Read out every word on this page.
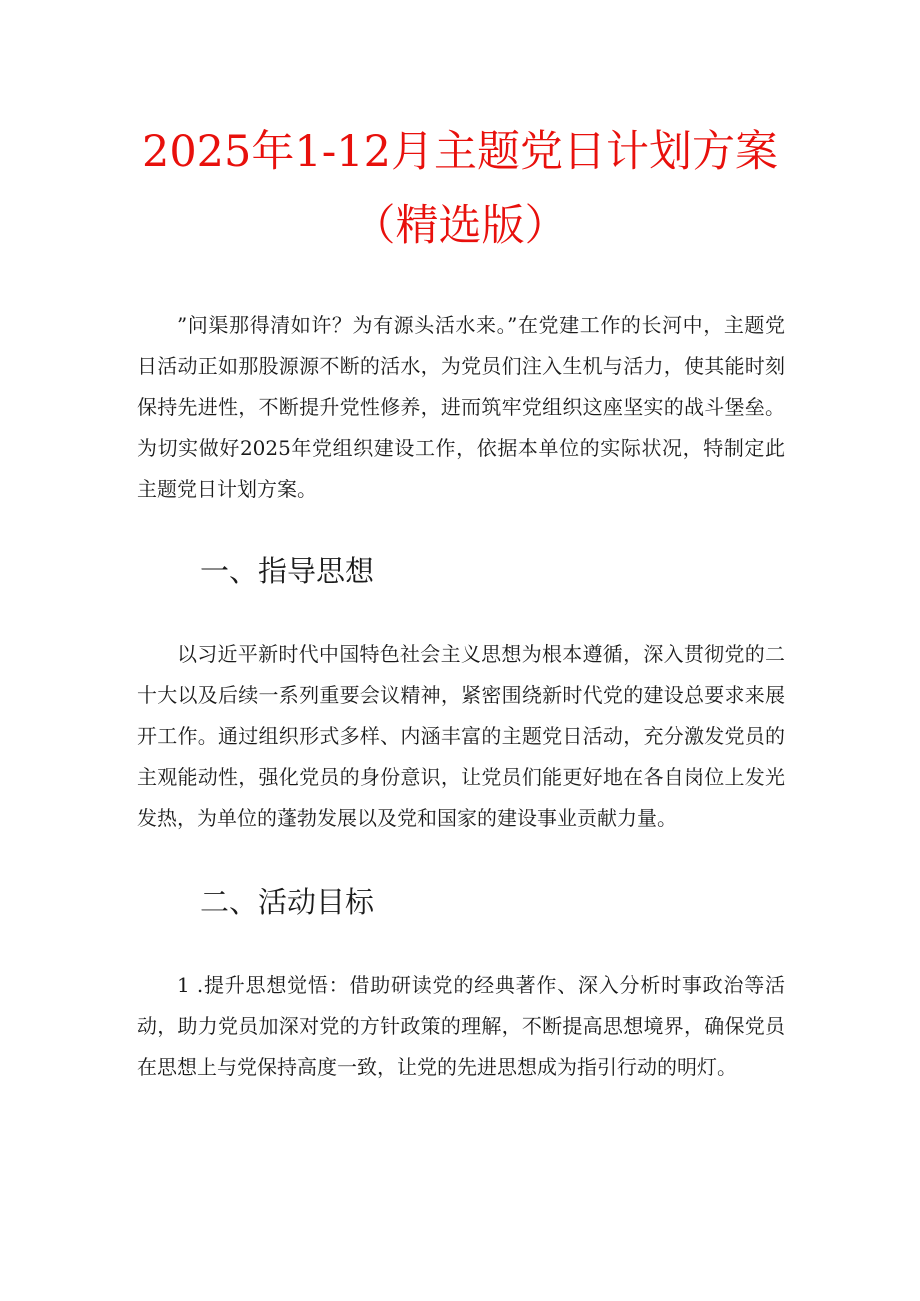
2025年1-12月主题党日计划方案
（精选版）

”问渠那得清如许？为有源头活水来。”在党建工作的长河中，主题党日活动正如那股源源不断的活水，为党员们注入生机与活力，使其能时刻保持先进性，不断提升党性修养，进而筑牢党组织这座坚实的战斗堡垒。为切实做好2025年党组织建设工作，依据本单位的实际状况，特制定此主题党日计划方案。

一、指导思想

以习近平新时代中国特色社会主义思想为根本遵循，深入贯彻党的二十大以及后续一系列重要会议精神，紧密围绕新时代党的建设总要求来展开工作。通过组织形式多样、内涵丰富的主题党日活动，充分激发党员的主观能动性，强化党员的身份意识，让党员们能更好地在各自岗位上发光发热，为单位的蓬勃发展以及党和国家的建设事业贡献力量。

二、活动目标

1 .提升思想觉悟：借助研读党的经典著作、深入分析时事政治等活动，助力党员加深对党的方针政策的理解，不断提高思想境界，确保党员在思想上与党保持高度一致，让党的先进思想成为指引行动的明灯。
